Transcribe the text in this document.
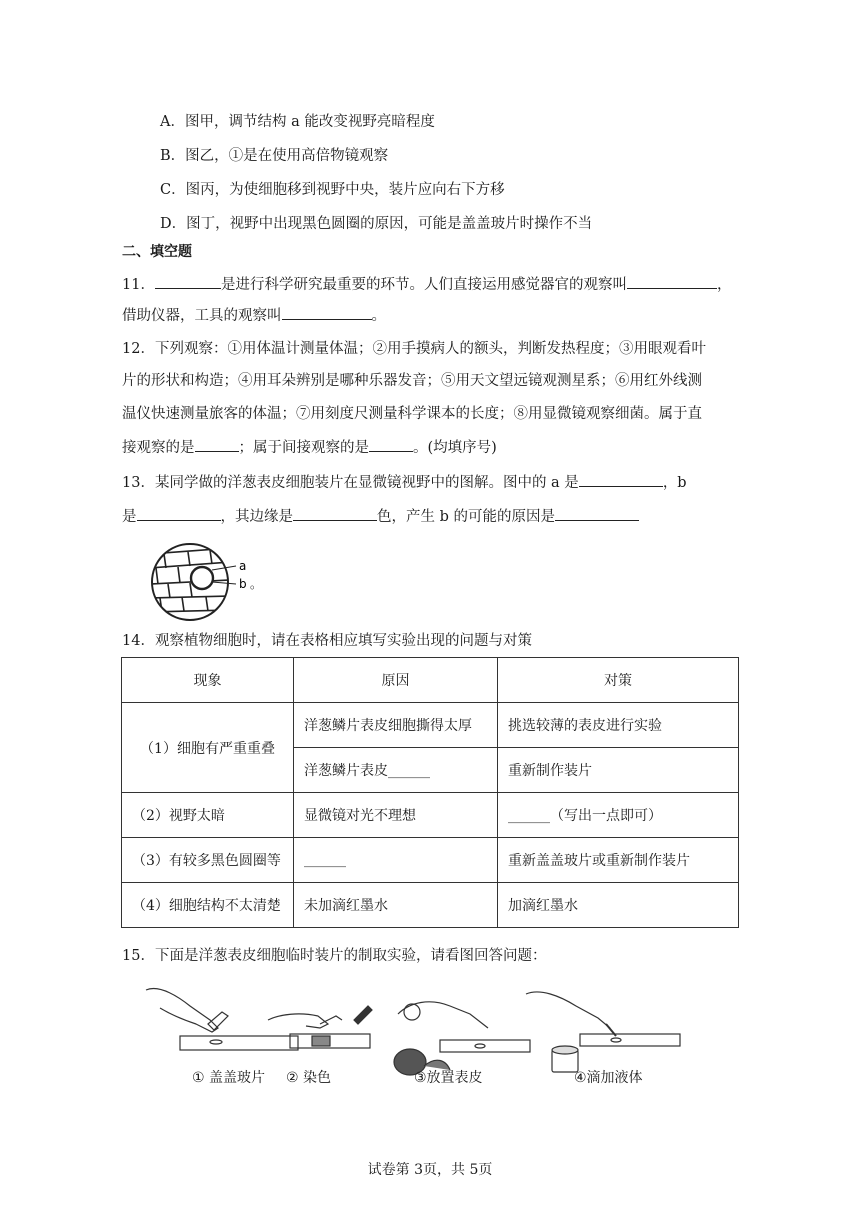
A．图甲，调节结构 a 能改变视野亮暗程度
B．图乙，①是在使用高倍物镜观察
C．图丙，为使细胞移到视野中央，装片应向右下方移
D．图丁，视野中出现黑色圆圈的原因，可能是盖盖玻片时操作不当
二、填空题
11．	是进行科学研究最重要的环节。人们直接运用感觉器官的观察叫	，
借助仪器，工具的观察叫	。
12．下列观察：①用体温计测量体温；②用手摸病人的额头，判断发热程度；③用眼观看叶
片的形状和构造；④用耳朵辨别是哪种乐器发音；⑤用天文望远镜观测星系；⑥用红外线测
温仪快速测量旅客的体温；⑦用刻度尺测量科学课本的长度；⑧用显微镜观察细菌。属于直
接观察的是	；属于间接观察的是	。(均填序号)
13．某同学做的洋葱表皮细胞装片在显微镜视野中的图解。图中的 a 是	，b
是	，其边缘是	色，产生 b 的可能的原因是
a
b 。
14．观察植物细胞时，请在表格相应填写实验出现的问题与对策
现象	原因	对策
（1）细胞有严重重叠	洋葱鳞片表皮细胞撕得太厚	挑选较薄的表皮进行实验
	洋葱鳞片表皮______	重新制作装片
（2）视野太暗	显微镜对光不理想	______（写出一点即可）
（3）有较多黑色圆圈等	______	重新盖盖玻片或重新制作装片
（4）细胞结构不太清楚	未加滴红墨水	加滴红墨水
15．下面是洋葱表皮细胞临时装片的制取实验，请看图回答问题：
① 盖盖玻片 ② 染色	③放置表皮	④滴加液体
试卷第 3页，共 5页
